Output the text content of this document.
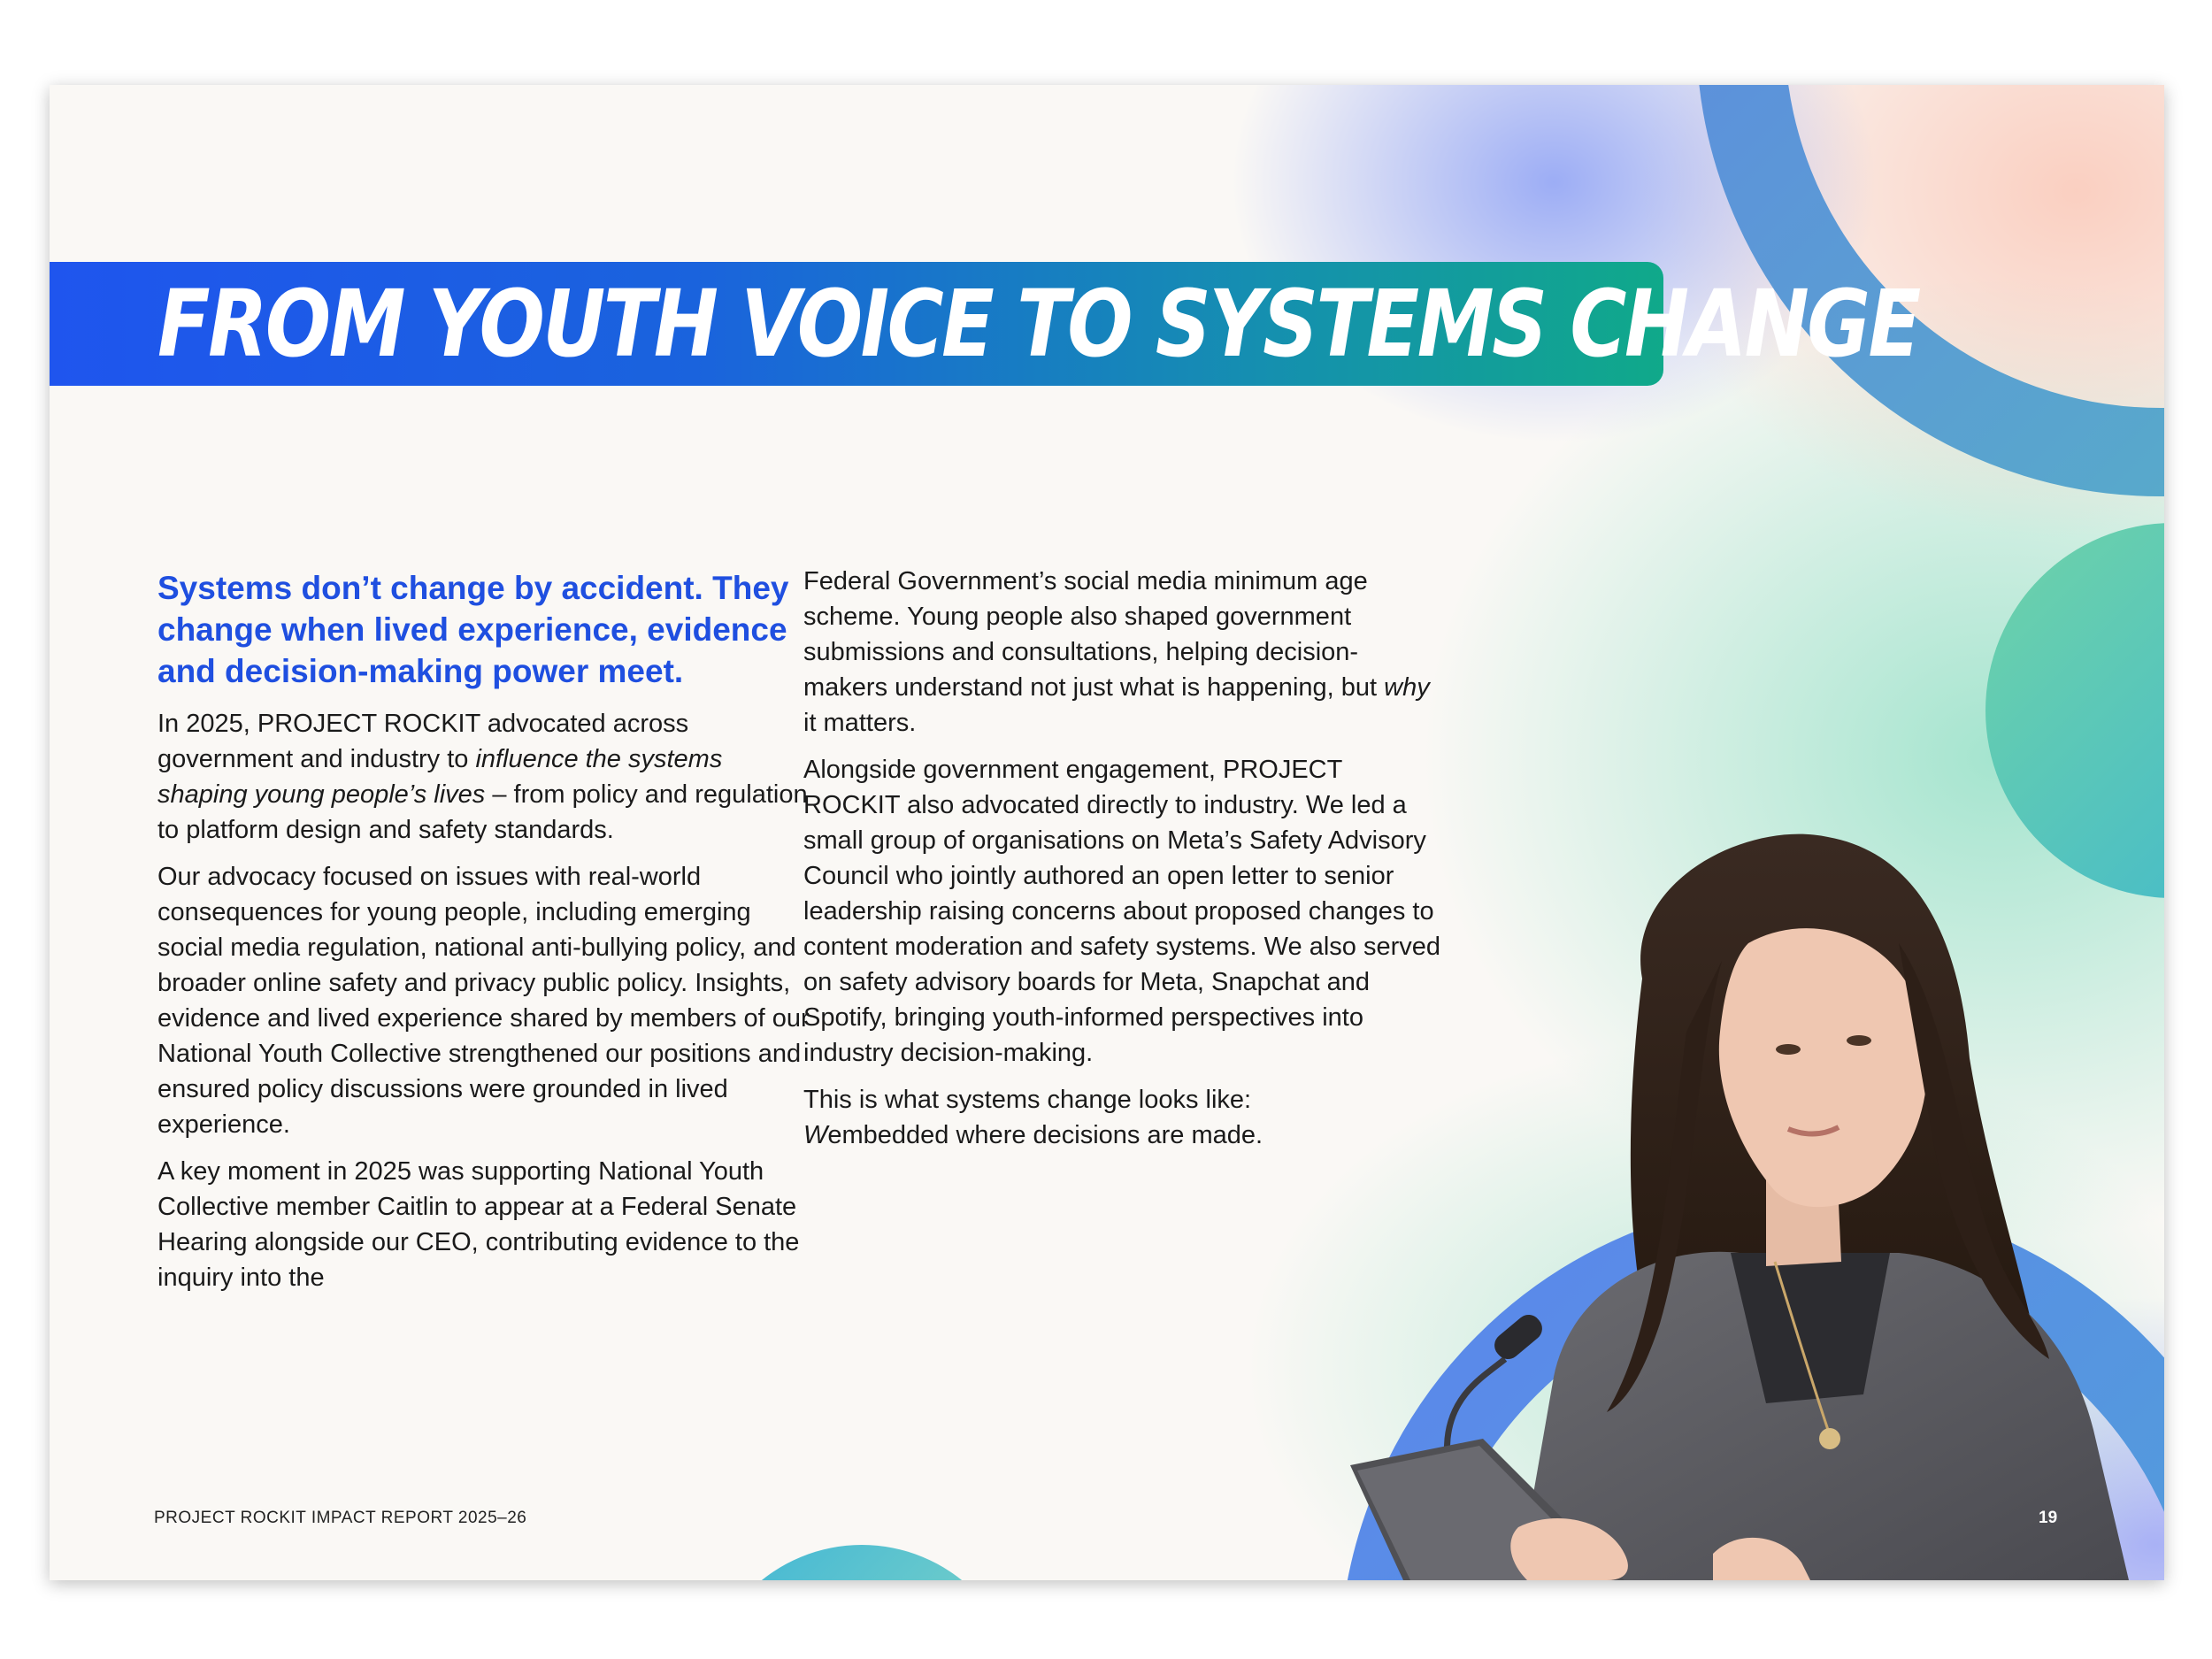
FROM YOUTH VOICE TO SYSTEMS CHANGE

Systems don’t change by accident. They change when lived experience, evidence and decision-making power meet.

In 2025, PROJECT ROCKIT advocated across government and industry to influence the systems shaping young people’s lives – from policy and regulation to platform design and safety standards.

Our advocacy focused on issues with real-world consequences for young people, including emerging social media regulation, national anti-bullying policy, and broader online safety and privacy public policy. Insights, evidence and lived experience shared by members of our National Youth Collective strengthened our positions and ensured policy discussions were grounded in lived experience.

A key moment in 2025 was supporting National Youth Collective member Caitlin to appear at a Federal Senate Hearing alongside our CEO, contributing evidence to the inquiry into the

Federal Government’s social media minimum age scheme. Young people also shaped government submissions and consultations, helping decision-makers understand not just what is happening, but why it matters.

Alongside government engagement, PROJECT ROCKIT also advocated directly to industry. We led a small group of organisations on Meta’s Safety Advisory Council who jointly authored an open letter to senior leadership raising concerns about proposed changes to content moderation and safety systems. We also served on safety advisory boards for Meta, Snapchat and Spotify, bringing youth-informed perspectives into industry decision-making.

This is what systems change looks like:
Wembedded where decisions are made.

PROJECT ROCKIT IMPACT REPORT 2025–26	19
